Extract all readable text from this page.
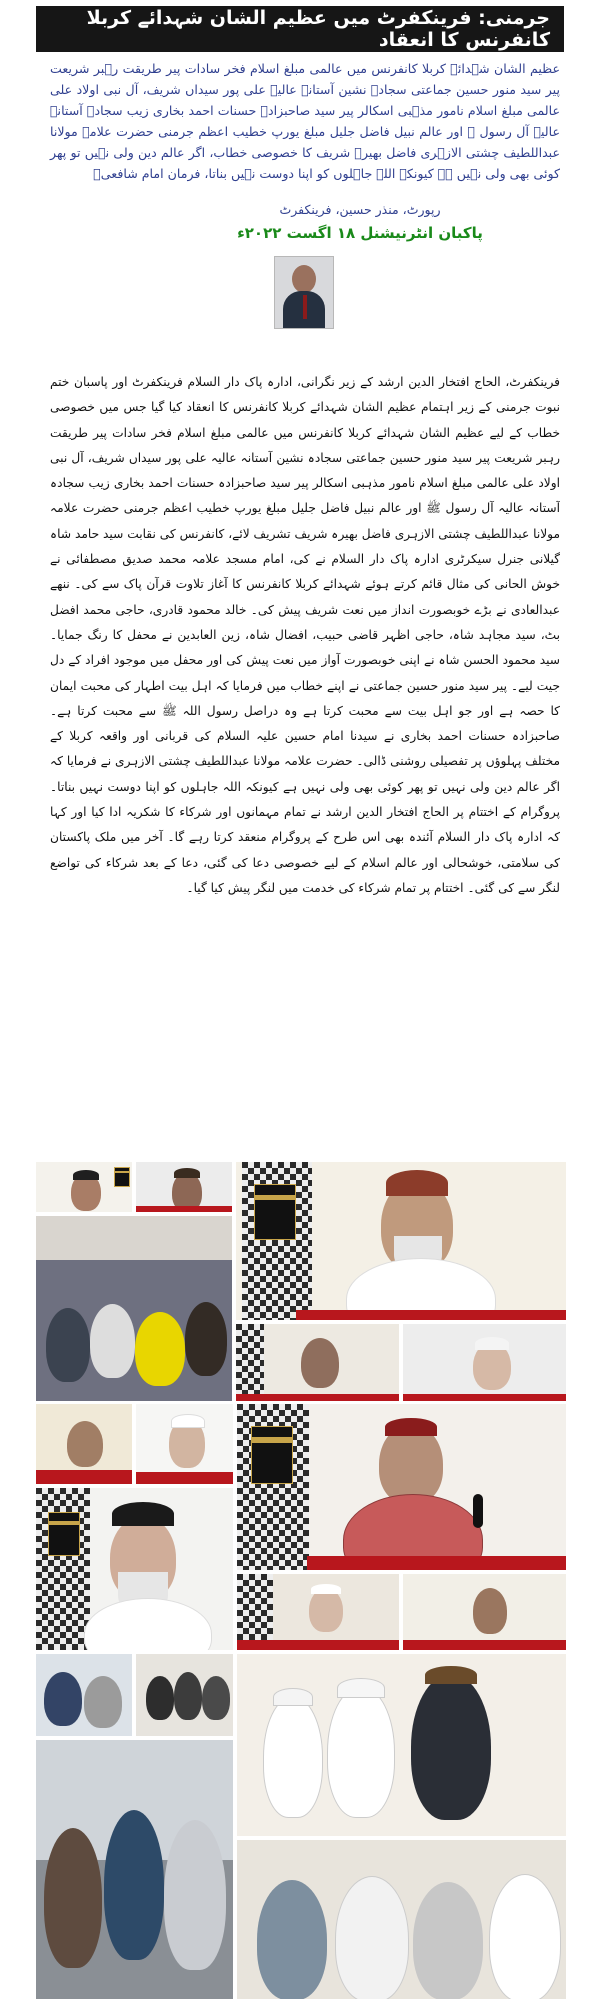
جرمنی: فرینکفرٹ میں عظیم الشان شہدائے کربلا کانفرنس کا انعقاد
عظیم الشان شہدائے کربلا کانفرنس میں عالمی مبلغ اسلام فخر سادات پیر طریقت رہبر شریعت پیر سید منور حسین جماعتی سجادہ نشین آستانہ عالیہ علی پور سیداں شریف، آل نبی اولاد علی عالمی مبلغ اسلام نامور مذہبی اسکالر پیر سید صاحبزادہ حسنات احمد بخاری زیب سجادہ آستانہ عالیہ آل رسول ﷺ اور عالم نبیل فاضل جلیل مبلغ یورپ خطیب اعظم جرمنی حضرت علامہ مولانا عبداللطیف چشتی الازہری فاضل بھیرہ شریف کا خصوصی خطاب، اگر عالم دین ولی نہیں تو پھر کوئی بھی ولی نہیں ہے کیونکہ اللہ جاہلوں کو اپنا دوست نہیں بناتا، فرمان امام شافعیؒ
رپورٹ، منذر حسین، فرینکفرٹ
پاکبان انٹرنیشنل ۱۸ اگست ۲۰۲۲ء
فرینکفرٹ، الحاج افتخار الدین ارشد کے زیر نگرانی، ادارہ پاک دار السلام فرینکفرٹ اور پاسبان ختم نبوت جرمنی کے زیر اہتمام عظیم الشان شہدائے کربلا کانفرنس کا انعقاد کیا گیا جس میں خصوصی خطاب کے لیے عظیم الشان شہدائے کربلا کانفرنس میں عالمی مبلغ اسلام فخر سادات پیر طریقت رہبر شریعت پیر سید منور حسین جماعتی سجادہ نشین آستانہ عالیہ علی پور سیداں شریف، آل نبی اولاد علی عالمی مبلغ اسلام نامور مذہبی اسکالر پیر سید صاحبزادہ حسنات احمد بخاری زیب سجادہ آستانہ عالیہ آل رسول ﷺ اور عالم نبیل فاضل جلیل مبلغ یورپ خطیب اعظم جرمنی حضرت علامہ مولانا عبداللطیف چشتی الازہری فاضل بھیرہ شریف تشریف لائے، کانفرنس کی نقابت سید حامد شاہ گیلانی جنرل سیکرٹری ادارہ پاک دار السلام نے کی، امام مسجد علامہ محمد صدیق مصطفائی نے خوش الحانی کی مثال قائم کرتے ہوئے شہدائے کربلا کانفرنس کا آغاز تلاوت قرآن پاک سے کی۔ ننھے عبدالعادی نے بڑے خوبصورت انداز میں نعت شریف پیش کی۔ خالد محمود قادری، حاجی محمد افضل بٹ، سید مجاہد شاہ، حاجی اظہر قاضی حبیب، افضال شاہ، زین العابدین نے محفل کا رنگ جمایا۔ سید محمود الحسن شاہ نے اپنی خوبصورت آواز میں نعت پیش کی اور محفل میں موجود افراد کے دل جیت لیے۔ پیر سید منور حسین جماعتی نے اپنے خطاب میں فرمایا کہ اہل بیت اطہار کی محبت ایمان کا حصہ ہے اور جو اہل بیت سے محبت کرتا ہے وہ دراصل رسول اللہ ﷺ سے محبت کرتا ہے۔ صاحبزادہ حسنات احمد بخاری نے سیدنا امام حسین علیہ السلام کی قربانی اور واقعہ کربلا کے مختلف پہلوؤں پر تفصیلی روشنی ڈالی۔ حضرت علامہ مولانا عبداللطیف چشتی الازہری نے فرمایا کہ اگر عالم دین ولی نہیں تو پھر کوئی بھی ولی نہیں ہے کیونکہ اللہ جاہلوں کو اپنا دوست نہیں بناتا۔ پروگرام کے اختتام پر الحاج افتخار الدین ارشد نے تمام مہمانوں اور شرکاء کا شکریہ ادا کیا اور کہا کہ ادارہ پاک دار السلام آئندہ بھی اس طرح کے پروگرام منعقد کرتا رہے گا۔ آخر میں ملک پاکستان کی سلامتی، خوشحالی اور عالم اسلام کے لیے خصوصی دعا کی گئی، دعا کے بعد شرکاء کی تواضع لنگر سے کی گئی۔ اختتام پر تمام شرکاء کی خدمت میں لنگر پیش کیا گیا۔
